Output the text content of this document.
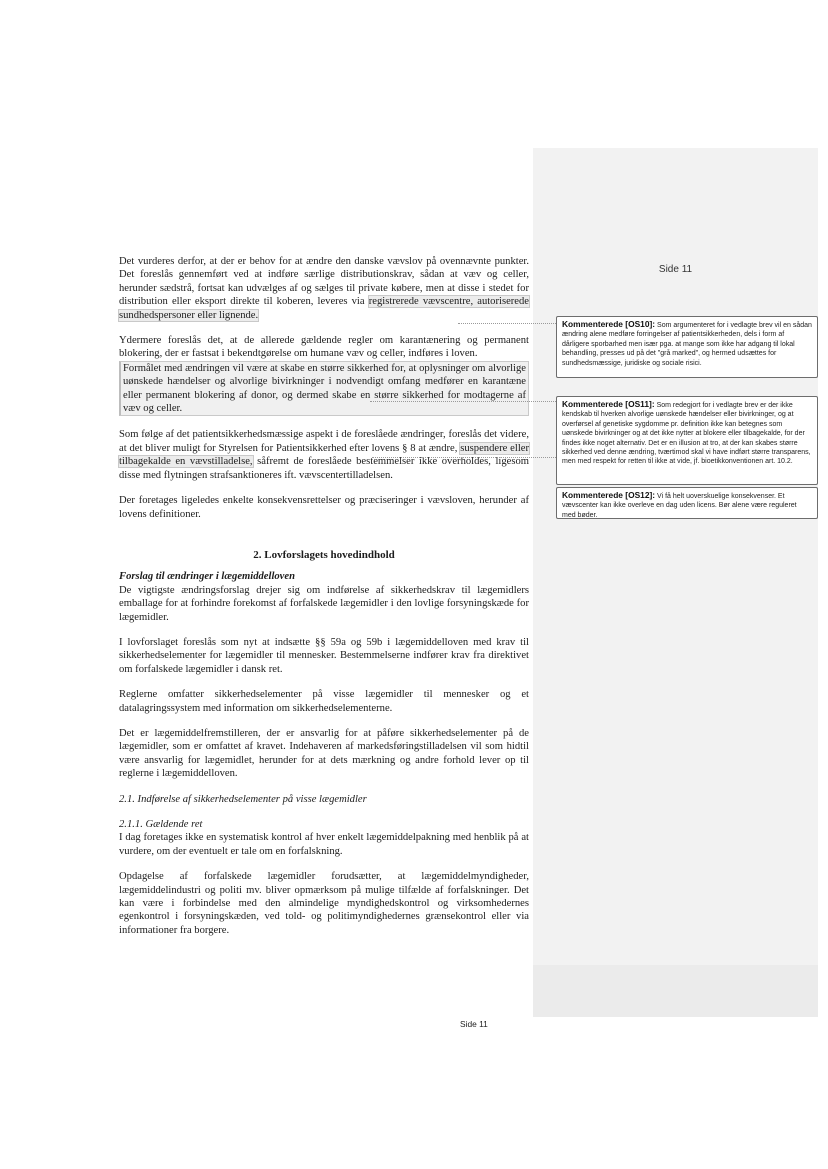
Side 11

Det vurderes derfor, at der er behov for at ændre den danske vævslov på ovennævnte punkter. Det foreslås gennemført ved at indføre særlige distributionskrav, sådan at væv og celler, herunder sædstrå, fortsat kan udvælges af og sælges til private købere, men at disse i stedet for distribution eller eksport direkte til koberen, leveres via registrerede vævscentre, autoriserede sundhedspersoner eller lignende.

Ydermere foreslås det, at de allerede gældende regler om karantænering og permanent blokering, der er fastsat i bekendtgørelse om humane væv og celler, indføres i loven.

Formålet med ændringen vil være at skabe en større sikkerhed for, at oplysninger om alvorlige uønskede hændelser og alvorlige bivirkninger i nodvendigt omfang medfører en karantæne eller permanent blokering af donor, og dermed skabe en større sikkerhed for modtagerne af væv og celler.

Som følge af det patientsikkerhedsmæssige aspekt i de foreslåede ændringer, foreslås det videre, at det bliver muligt for Styrelsen for Patientsikkerhed efter lovens § 8 at ændre, suspendere eller tilbagekalde en vævstilladelse, såfremt de foreslåede bestemmelser ikke overholdes, ligesom disse med flytningen strafsanktioneres ift. vævscentertilladelsen.

Der foretages ligeledes enkelte konsekvensrettelser og præciseringer i vævsloven, herunder af lovens definitioner.

2. Lovforslagets hovedindhold

Forslag til ændringer i lægemiddelloven

De vigtigste ændringsforslag drejer sig om indførelse af sikkerhedskrav til lægemidlers emballage for at forhindre forekomst af forfalskede lægemidler i den lovlige forsyningskæde for lægemidler.

I lovforslaget foreslås som nyt at indsætte §§ 59a og 59b i lægemiddelloven med krav til sikkerhedselementer for lægemidler til mennesker. Bestemmelserne indfører krav fra direktivet om forfalskede lægemidler i dansk ret.

Reglerne omfatter sikkerhedselementer på visse lægemidler til mennesker og et datalagringssystem med information om sikkerhedselementerne.

Det er lægemiddelfremstilleren, der er ansvarlig for at påføre sikkerhedselementer på de lægemidler, som er omfattet af kravet. Indehaveren af markedsføringstilladelsen vil som hidtil være ansvarlig for lægemidlet, herunder for at dets mærkning og andre forhold lever op til reglerne i lægemiddelloven.

2.1. Indførelse af sikkerhedselementer på visse lægemidler

2.1.1. Gældende ret

I dag foretages ikke en systematisk kontrol af hver enkelt lægemiddelpakning med henblik på at vurdere, om der eventuelt er tale om en forfalskning.

Opdagelse af forfalskede lægemidler forudsætter, at lægemiddelmyndigheder, lægemiddelindustri og politi mv. bliver opmærksom på mulige tilfælde af forfalskninger. Det kan være i forbindelse med den almindelige myndighedskontrol og virksomhedernes egenkontrol i forsyningskæden, ved told- og politimyndighedernes grænsekontrol eller via informationer fra borgere.

Kommenterede [OS10]: Som argumenteret for i vedlagte brev vil en sådan ændring alene medføre forringelser af patientsikkerheden, dels i form af dårligere sporbarhed men især pga. at mange som ikke har adgang til lokal behandling, presses ud på det "grå marked", og hermed udsættes for sundhedsmæssige, juridiske og sociale risici.
Kommenterede [OS11]: Som redegjort for i vedlagte brev er der ikke kendskab til hverken alvorlige uønskede hændelser eller bivirkninger, og at overførsel af genetiske sygdomme pr. definition ikke kan betegnes som uønskede bivirkninger og at det ikke nytter at blokere eller tilbagekalde, for der findes ikke noget alternativ. Det er en illusion at tro, at der kan skabes større sikkerhed ved denne ændring, tværtimod skal vi have indført større transparens, men med respekt for retten til ikke at vide, jf. bioetikkonventionen art. 10.2.
Kommenterede [OS12]: Vi få helt uoverskuelige konsekvenser. Et vævscenter kan ikke overleve en dag uden licens. Bør alene være reguleret med bøder.
Side 11
